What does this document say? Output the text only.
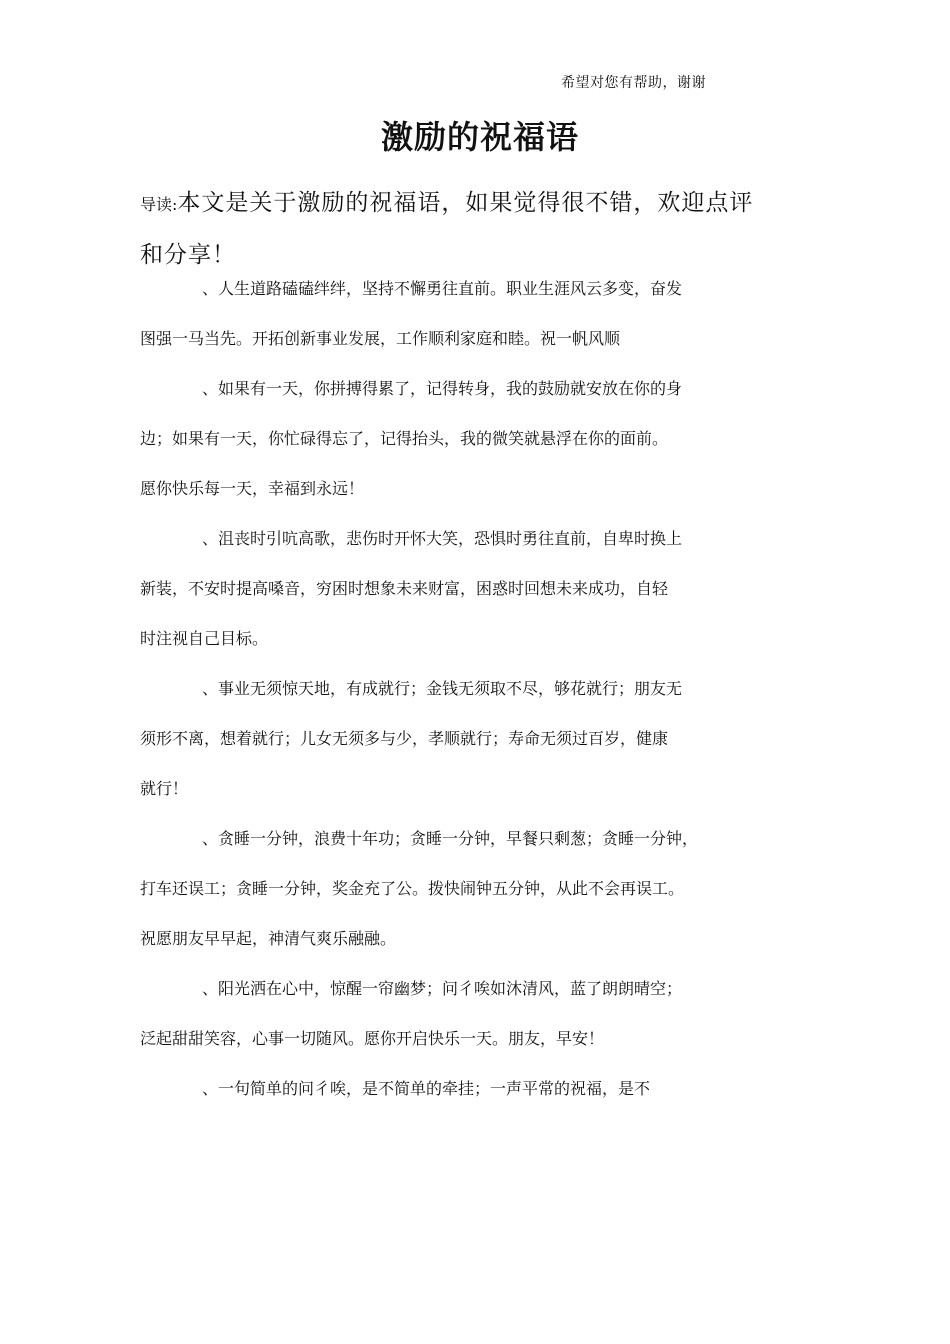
希望对您有帮助，谢谢
激励的祝福语
导读:本文是关于激励的祝福语，如果觉得很不错，欢迎点评
和分享！
、人生道路磕磕绊绊，坚持不懈勇往直前。职业生涯风云多变，奋发
图强一马当先。开拓创新事业发展，工作顺利家庭和睦。祝一帆风顺
、如果有一天，你拼搏得累了，记得转身，我的鼓励就安放在你的身
边；如果有一天，你忙碌得忘了，记得抬头，我的微笑就悬浮在你的面前。
愿你快乐每一天，幸福到永远！
、沮丧时引吭高歌，悲伤时开怀大笑，恐惧时勇往直前，自卑时换上
新装，不安时提高嗓音，穷困时想象未来财富，困惑时回想未来成功，自轻
时注视自己目标。
、事业无须惊天地，有成就行；金钱无须取不尽，够花就行；朋友无
须形不离，想着就行；儿女无须多与少，孝顺就行；寿命无须过百岁，健康
就行！
、贪睡一分钟，浪费十年功；贪睡一分钟，早餐只剩葱；贪睡一分钟，
打车还误工；贪睡一分钟，奖金充了公。拨快闹钟五分钟，从此不会再误工。
祝愿朋友早早起，神清气爽乐融融。
、阳光洒在心中，惊醒一帘幽梦；问彳唉如沐清风，蓝了朗朗晴空；
泛起甜甜笑容，心事一切随风。愿你开启快乐一天。朋友，早安！
、一句简单的问彳唉，是不简单的牵挂；一声平常的祝福，是不
